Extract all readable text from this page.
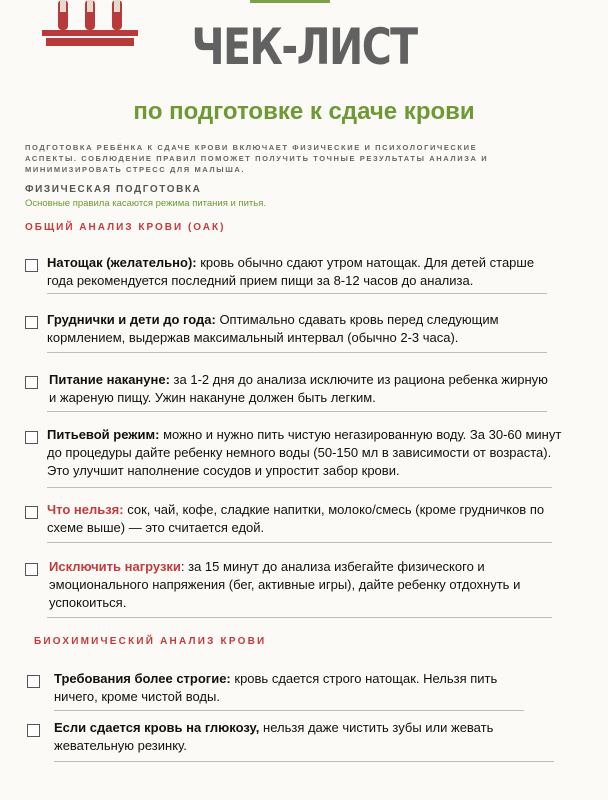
ЧЕК-ЛИСТ
по подготовке к сдаче крови
ПОДГОТОВКА РЕБЁНКА К СДАЧЕ КРОВИ ВКЛЮЧАЕТ ФИЗИЧЕСКИЕ И ПСИХОЛОГИЧЕСКИЕ АСПЕКТЫ. СОБЛЮДЕНИЕ ПРАВИЛ ПОМОЖЕТ ПОЛУЧИТЬ ТОЧНЫЕ РЕЗУЛЬТАТЫ АНАЛИЗА И МИНИМИЗИРОВАТЬ СТРЕСС ДЛЯ МАЛЫША.
ФИЗИЧЕСКАЯ ПОДГОТОВКА
Основные правила касаются режима питания и питья.
ОБЩИЙ АНАЛИЗ КРОВИ (ОАК)
Натощак (желательно): кровь обычно сдают утром натощак. Для детей старше года рекомендуется последний прием пищи за 8-12 часов до анализа.
Груднички и дети до года: Оптимально сдавать кровь перед следующим кормлением, выдержав максимальный интервал (обычно 2-3 часа).
Питание накануне: за 1-2 дня до анализа исключите из рациона ребенка жирную и жареную пищу. Ужин накануне должен быть легким.
Питьевой режим: можно и нужно пить чистую негазированную воду. За 30-60 минут до процедуры дайте ребенку немного воды (50-150 мл в зависимости от возраста). Это улучшит наполнение сосудов и упростит забор крови.
Что нельзя: сок, чай, кофе, сладкие напитки, молоко/смесь (кроме грудничков по схеме выше) — это считается едой.
Исключить нагрузки: за 15 минут до анализа избегайте физического и эмоционального напряжения (бег, активные игры), дайте ребенку отдохнуть и успокоиться.
БИОХИМИЧЕСКИЙ АНАЛИЗ КРОВИ
Требования более строгие: кровь сдается строго натощак. Нельзя пить ничего, кроме чистой воды.
Если сдается кровь на глюкозу, нельзя даже чистить зубы или жевать жевательную резинку.
